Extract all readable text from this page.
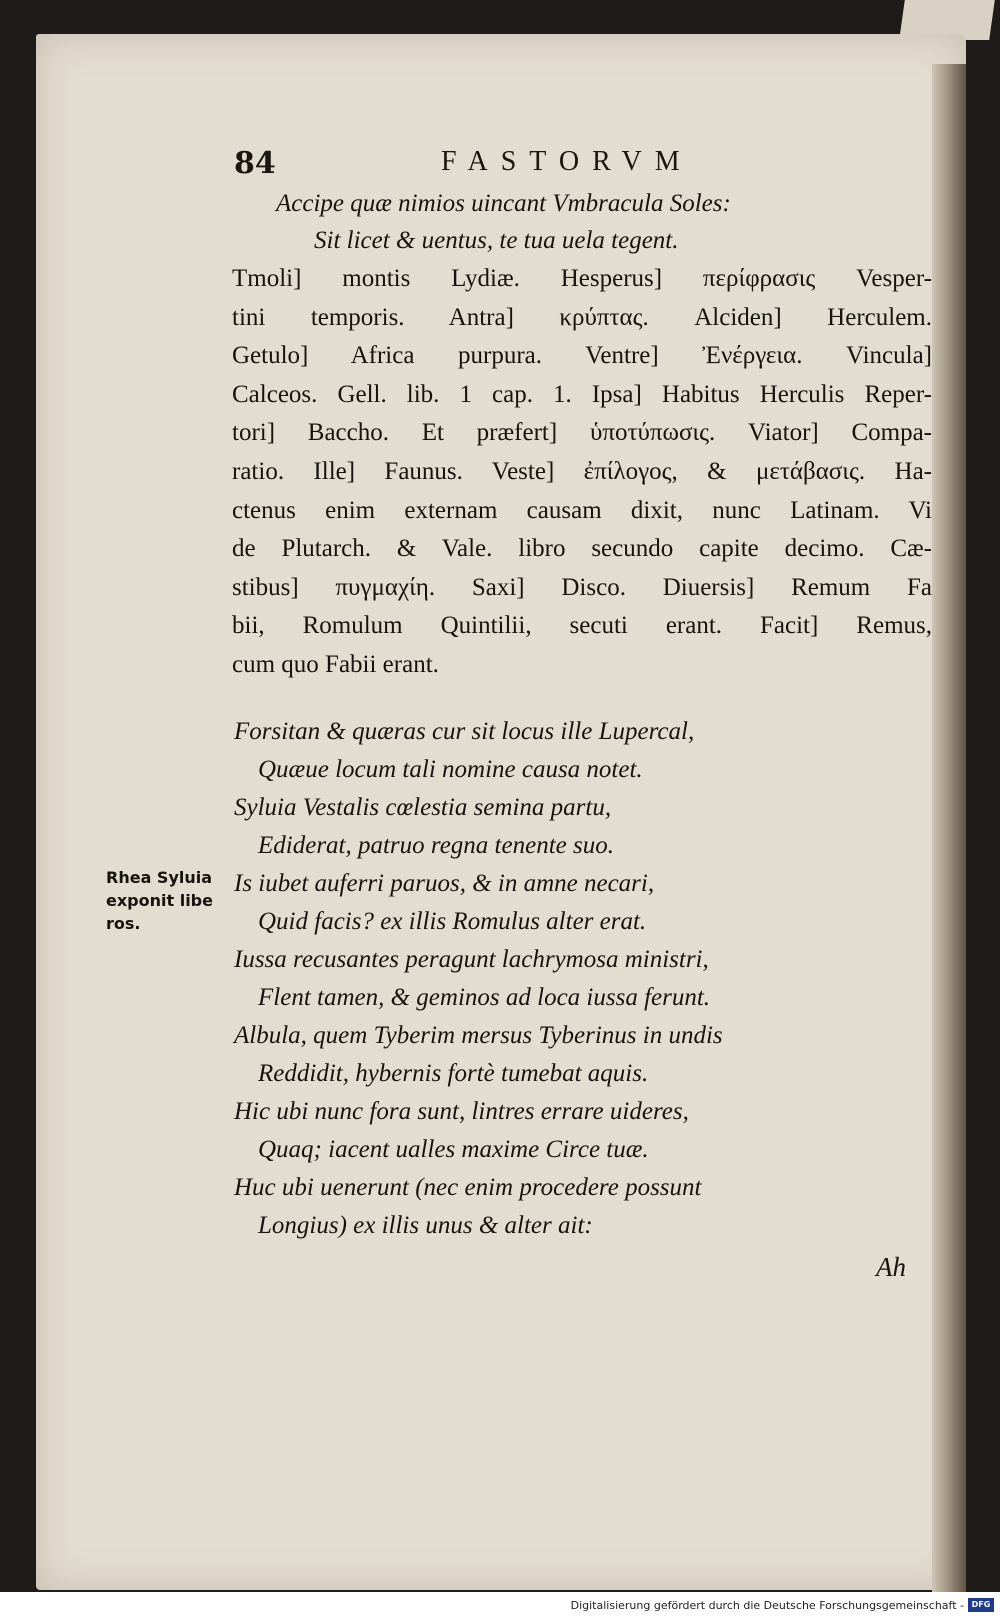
84	FASTORVM
Accipe quæ nimios uincant Vmbracula Soles:
Sit licet & uentus, te tua uela tegent.
Tmoli] montis Lydiæ. Hesperus] περίφρασις Vesper-
tini temporis. Antra] κρύπτας. Alciden] Herculem.
Getulo] Africa purpura. Ventre] Ἐνέργεια. Vincula]
Calceos. Gell. lib. 1 cap. 1. Ipsa] Habitus Herculis Reper-
tori] Baccho. Et præfert] ὑποτύπωσις. Viator] Compa-
ratio. Ille] Faunus. Veste] ἐπίλογος, & μετάβασις. Ha-
ctenus enim externam causam dixit, nunc Latinam. Vi
de Plutarch. & Vale. libro secundo capite decimo. Cæ-
stibus] πυγμαχίη. Saxi] Disco. Diuersis] Remum Fa
bii, Romulum Quintilii, secuti erant. Facit] Remus,
cum quo Fabii erant.
Forsitan & quæras cur sit locus ille Lupercal,
Quæue locum tali nomine causa notet.
Syluia Vestalis cœlestia semina partu,
Ediderat, patruo regna tenente suo.
Is iubet auferri paruos, & in amne necari,
Quid facis? ex illis Romulus alter erat.
Iussa recusantes peragunt lachrymosa ministri,
Flent tamen, & geminos ad loca iussa ferunt.
Albula, quem Tyberim mersus Tyberinus in undis
Reddidit, hybernis fortè tumebat aquis.
Hic ubi nunc fora sunt, lintres errare uideres,
Quaq; iacent ualles maxime Circe tuæ.
Huc ubi uenerunt (nec enim procedere possunt
Longius) ex illis unus & alter ait:
Rhea Syluia
exponit libe
ros.
Ah
Digitalisierung gefördert durch die Deutsche Forschungsgemeinschaft - DFG
